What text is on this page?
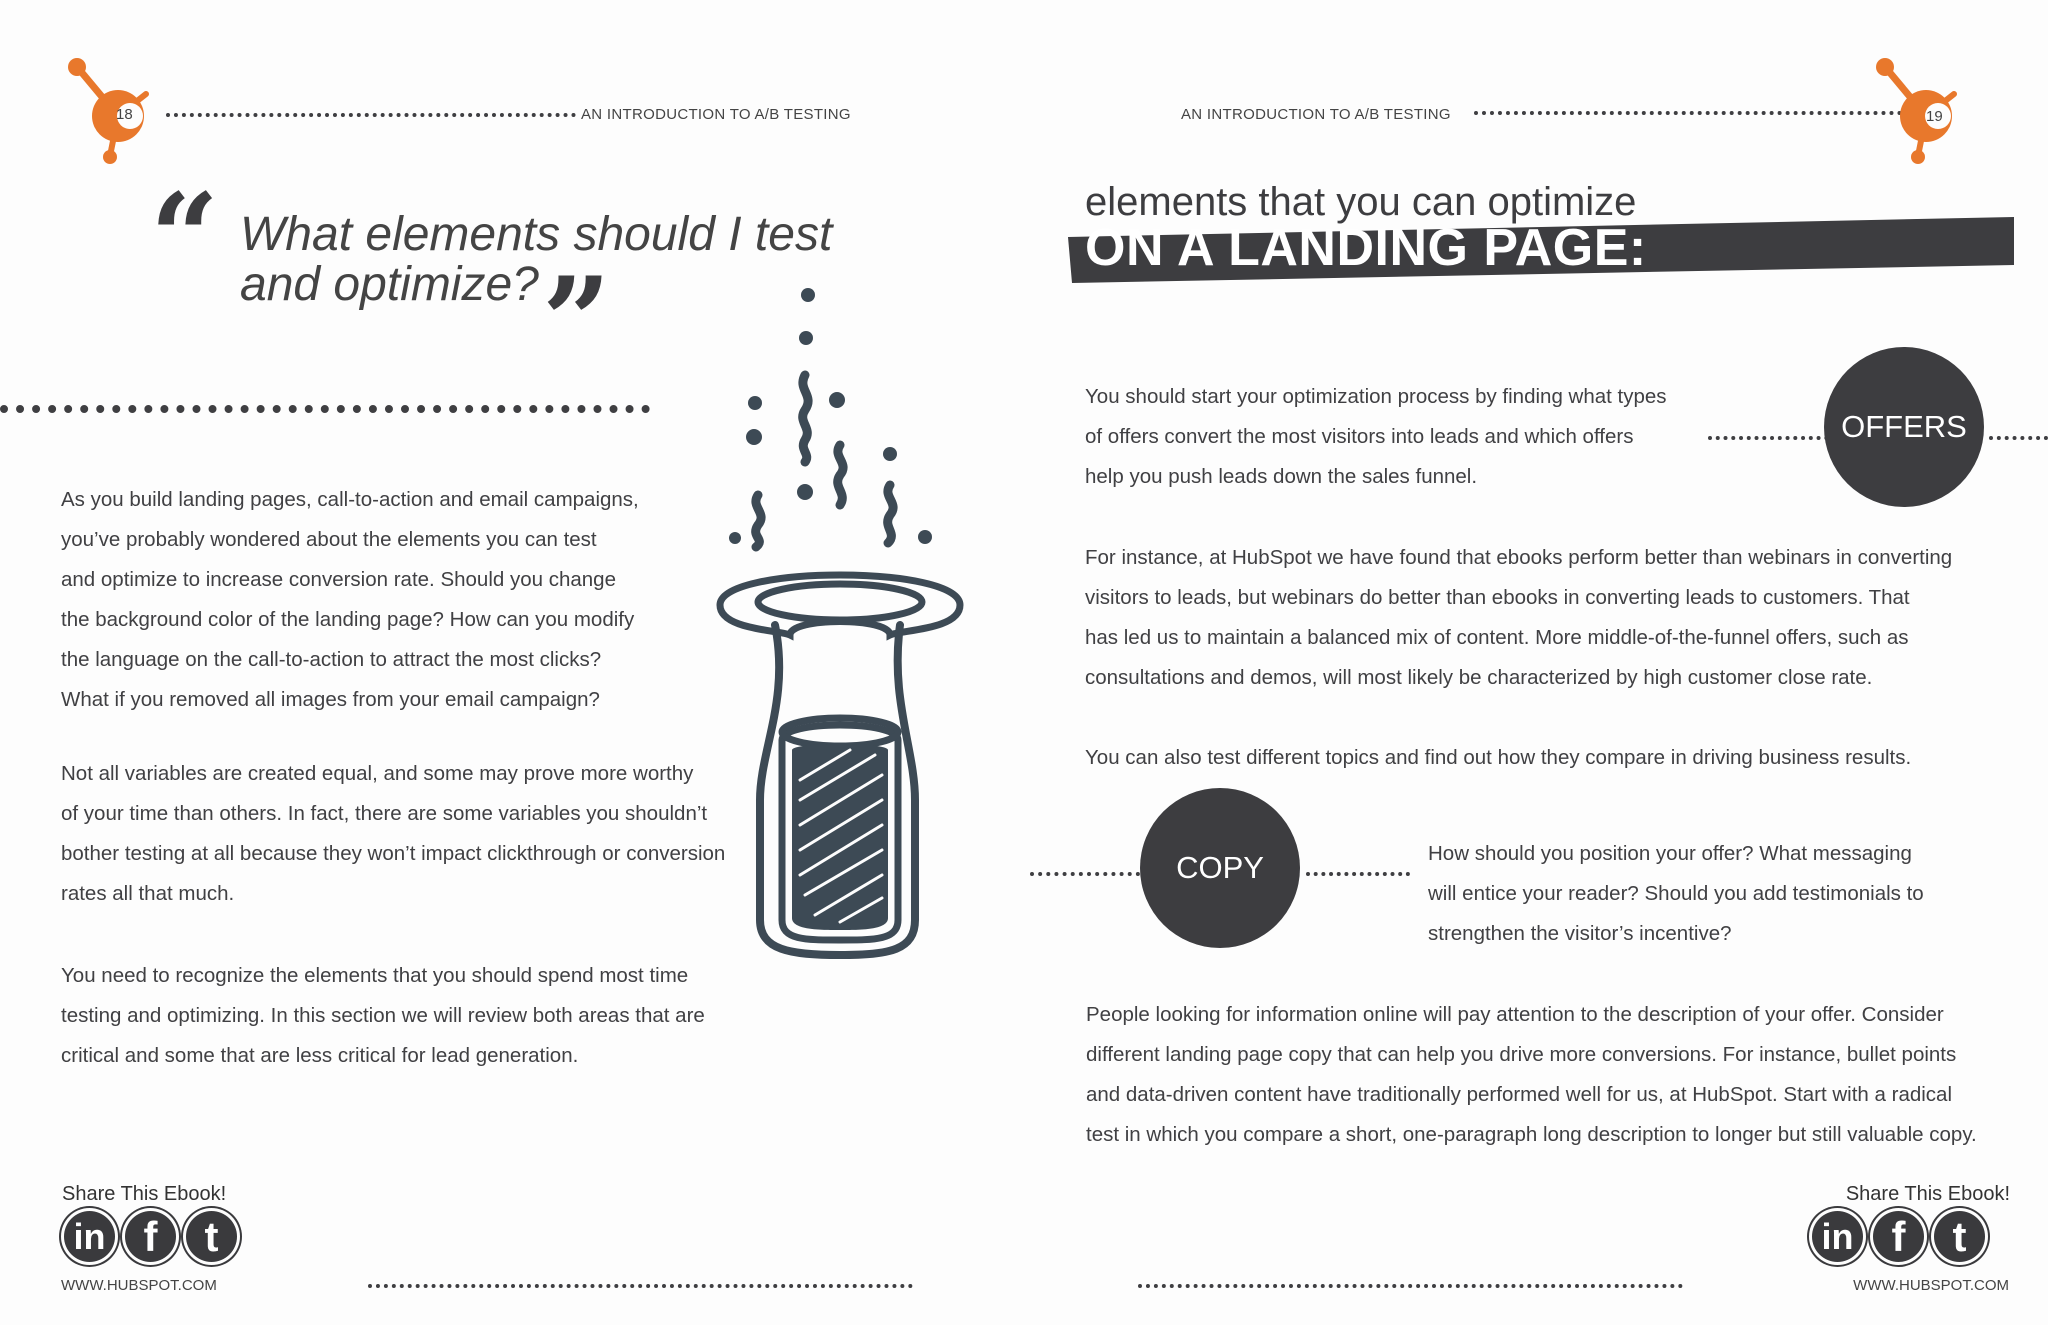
18	AN INTRODUCTION TO A/B TESTING
“ What elements should I test
and optimize? ”

As you build landing pages, call-to-action and email campaigns,

you’ve probably wondered about the elements you can test

and optimize to increase conversion rate. Should you change

the background color of the landing page? How can you modify

the language on the call-to-action to attract the most clicks?

What if you removed all images from your email campaign?

Not all variables are created equal, and some may prove more worthy

of your time than others. In fact, there are some variables you shouldn’t

bother testing at all because they won’t impact clickthrough or conversion

rates all that much.

You need to recognize the elements that you should spend most time

testing and optimizing. In this section we will review both areas that are

critical and some that are less critical for lead generation.

Share This Ebook!
in f	t
WWW.HUBSPOT.COM
AN INTRODUCTION TO A/B TESTING	19
elements that you can optimize
ON A LANDING PAGE:

You should start your optimization process by finding what types

of offers convert the most visitors into leads and which offers

help you push leads down the sales funnel.

OFFERS

For instance, at HubSpot we have found that ebooks perform better than webinars in converting

visitors to leads, but webinars do better than ebooks in converting leads to customers. That

has led us to maintain a balanced mix of content. More middle-of-the-funnel offers, such as

consultations and demos, will most likely be characterized by high customer close rate.

You can also test different topics and find out how they compare in driving business results.

COPY	How should you position your offer? What messaging

will entice your reader? Should you add testimonials to

strengthen the visitor’s incentive?

People looking for information online will pay attention to the description of your offer. Consider

different landing page copy that can help you drive more conversions. For instance, bullet points

and data-driven content have traditionally performed well for us, at HubSpot. Start with a radical

test in which you compare a short, one-paragraph long description to longer but still valuable copy.

Share This Ebook!
in f	t
WWW.HUBSPOT.COM
